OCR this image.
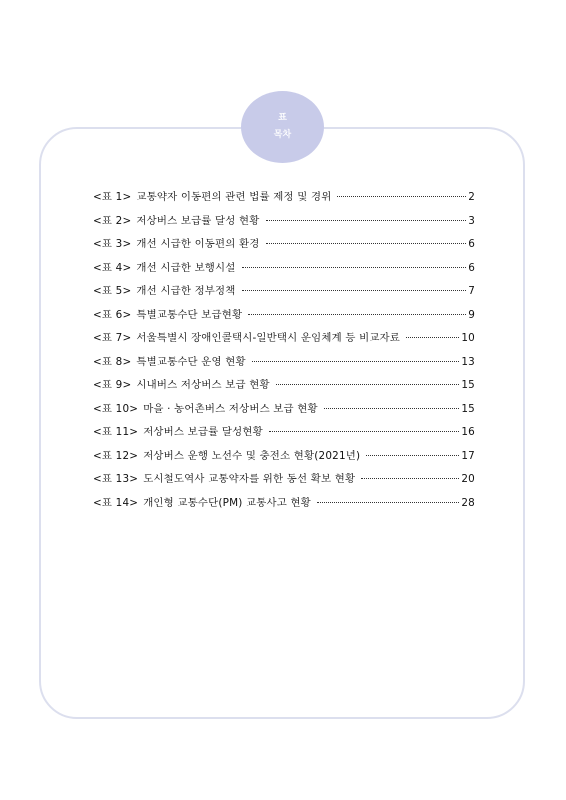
표
목차
<표 1> 교통약자 이동편의 관련 법률 제정 및 경위	2
<표 2> 저상버스 보급률 달성 현황	3
<표 3> 개선 시급한 이동편의 환경	6
<표 4> 개선 시급한 보행시설	6
<표 5> 개선 시급한 정부정책	7
<표 6> 특별교통수단 보급현황	9
<표 7> 서울특별시 장애인콜택시-일반택시 운임체계 등 비교자료	10
<표 8> 특별교통수단 운영 현황	13
<표 9> 시내버스 저상버스 보급 현황	15
<표 10> 마을 · 농어촌버스 저상버스 보급 현황	15
<표 11> 저상버스 보급률 달성현황	16
<표 12> 저상버스 운행 노선수 및 충전소 현황(2021년)	17
<표 13> 도시철도역사 교통약자를 위한 동선 확보 현황	20
<표 14> 개인형 교통수단(PM) 교통사고 현황	28
